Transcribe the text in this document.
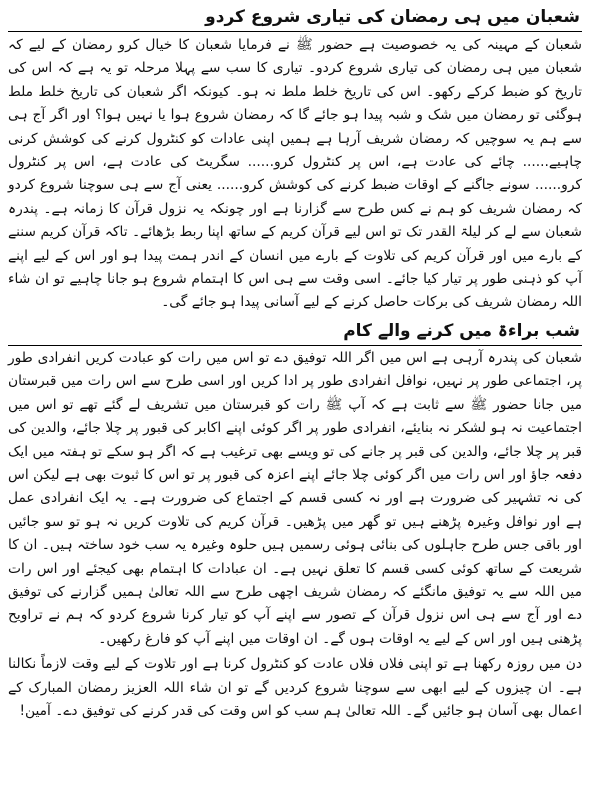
شعبان میں ہی رمضان کی تیاری شروع کردو

شعبان کے مہینہ کی یہ خصوصیت ہے حضور ﷺ نے فرمایا شعبان کا خیال کرو رمضان کے لیے کہ شعبان میں ہی رمضان کی تیاری شروع کردو۔ تیاری کا سب سے پہلا مرحلہ تو یہ ہے کہ اس کی تاریخ کو ضبط کرکے رکھو۔ اس کی تاریخ خلط ملط نہ ہو۔ کیونکہ اگر شعبان کی تاریخ خلط ملط ہوگئی تو رمضان میں شک و شبہ پیدا ہو جائے گا کہ رمضان شروع ہوا یا نہیں ہوا؟ اور اگر آج ہی سے ہم یہ سوچیں کہ رمضان شریف آرہا ہے ہمیں اپنی عادات کو کنٹرول کرنے کی کوشش کرنی چاہیے...... چائے کی عادت ہے، اس پر کنٹرول کرو...... سگریٹ کی عادت ہے، اس پر کنٹرول کرو...... سونے جاگنے کے اوقات ضبط کرنے کی کوشش کرو...... یعنی آج سے ہی سوچنا شروع کردو کہ رمضان شریف کو ہم نے کس طرح سے گزارنا ہے اور چونکہ یہ نزول قرآن کا زمانہ ہے۔ پندرہ شعبان سے لے کر لیلۃ القدر تک تو اس لیے قرآن کریم کے ساتھ اپنا ربط بڑھائے۔ تاکہ قرآن کریم سننے کے بارے میں اور قرآن کریم کی تلاوت کے بارے میں انسان کے اندر ہمت پیدا ہو اور اس کے لیے اپنے آپ کو ذہنی طور پر تیار کیا جائے۔ اسی وقت سے ہی اس کا اہتمام شروع ہو جانا چاہیے تو ان شاء اللہ رمضان شریف کی برکات حاصل کرنے کے لیے آسانی پیدا ہو جائے گی۔

شب براءۃ میں کرنے والے کام

شعبان کی پندرہ آرہی ہے اس میں اگر اللہ توفیق دے تو اس میں رات کو عبادت کریں انفرادی طور پر، اجتماعی طور پر نہیں، نوافل انفرادی طور پر ادا کریں اور اسی طرح سے اس رات میں قبرستان میں جانا حضور ﷺ سے ثابت ہے کہ آپ ﷺ رات کو قبرستان میں تشریف لے گئے تھے تو اس میں اجتماعیت نہ ہو لشکر نہ بنایئے، انفرادی طور پر اگر کوئی اپنے اکابر کی قبور پر چلا جائے، والدین کی قبر پر چلا جائے، والدین کی قبر پر جانے کی تو ویسے بھی ترغیب ہے کہ اگر ہو سکے تو ہفتہ میں ایک دفعہ جاؤ اور اس رات میں اگر کوئی چلا جائے اپنے اعزہ کی قبور پر تو اس کا ثبوت بھی ہے لیکن اس کی نہ تشہیر کی ضرورت ہے اور نہ کسی قسم کے اجتماع کی ضرورت ہے۔ یہ ایک انفرادی عمل ہے اور نوافل وغیرہ پڑھنے ہیں تو گھر میں پڑھیں۔ قرآن کریم کی تلاوت کریں نہ ہو تو سو جائیں اور باقی جس طرح جاہلوں کی بنائی ہوئی رسمیں ہیں حلوہ وغیرہ یہ سب خود ساختہ ہیں۔ ان کا شریعت کے ساتھ کوئی کسی قسم کا تعلق نہیں ہے۔ ان عبادات کا اہتمام بھی کیجئے اور اس رات میں اللہ سے یہ توفیق مانگئے کہ رمضان شریف اچھی طرح سے اللہ تعالیٰ ہمیں گزارنے کی توفیق دے اور آج سے ہی اس نزول قرآن کے تصور سے اپنے آپ کو تیار کرنا شروع کردو کہ ہم نے تراویح پڑھنی ہیں اور اس کے لیے یہ اوقات ہوں گے۔ ان اوقات میں اپنے آپ کو فارغ رکھیں۔

دن میں روزہ رکھنا ہے تو اپنی فلاں فلاں عادت کو کنٹرول کرنا ہے اور تلاوت کے لیے وقت لازماً نکالنا ہے۔ ان چیزوں کے لیے ابھی سے سوچنا شروع کردیں گے تو ان شاء اللہ العزیز رمضان المبارک کے اعمال بھی آسان ہو جائیں گے۔ اللہ تعالیٰ ہم سب کو اس وقت کی قدر کرنے کی توفیق دے۔ آمین!
